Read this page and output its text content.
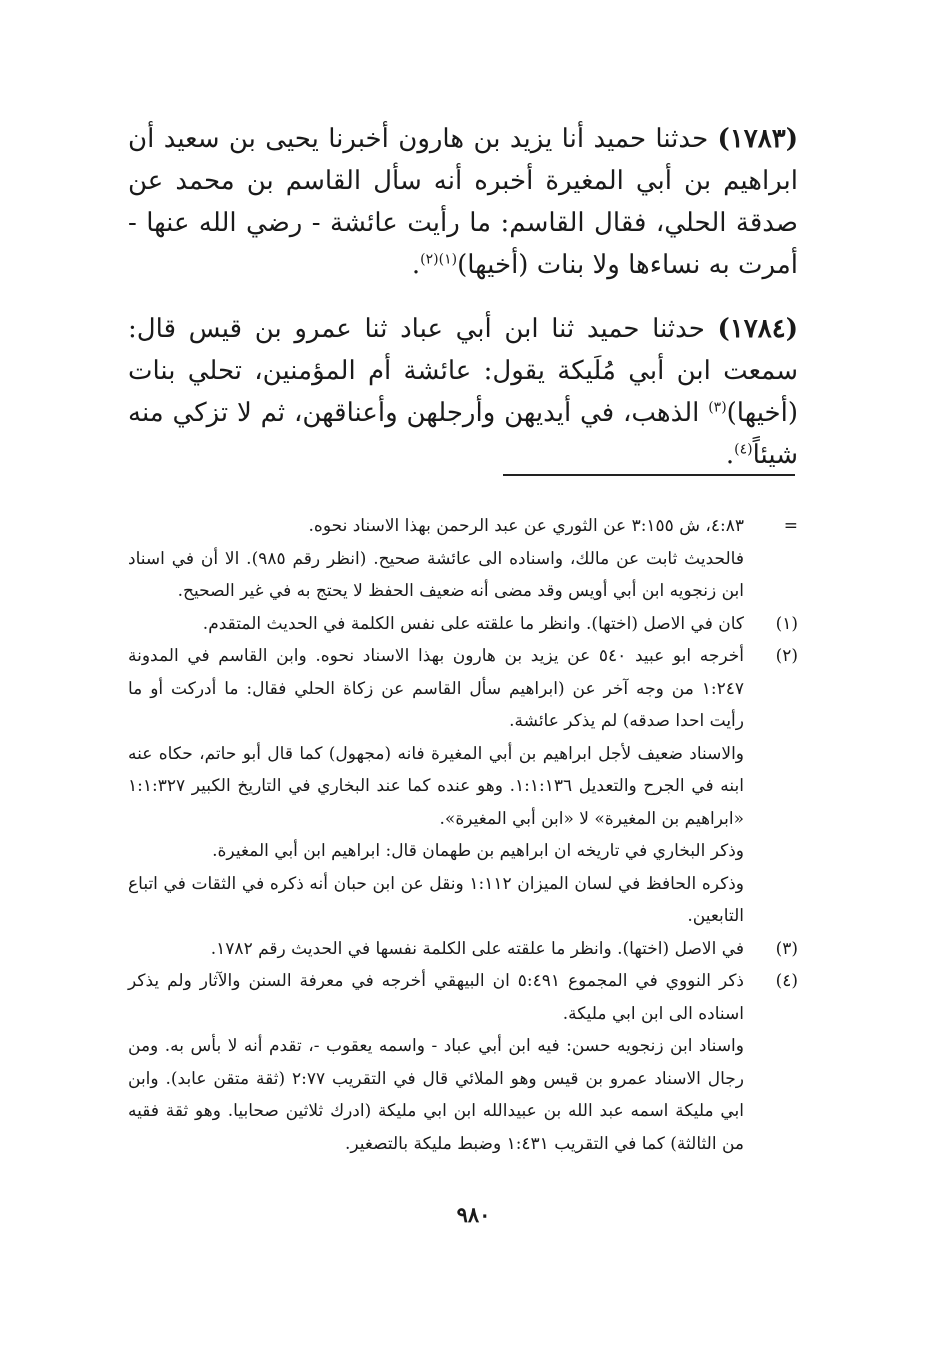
(١٧٨٣) حدثنا حميد أنا يزيد بن هارون أخبرنا يحيى بن سعيد أن ابراهيم بن أبي المغيرة أخبره أنه سأل القاسم بن محمد عن صدقة الحلي، فقال القاسم: ما رأيت عائشة - رضي الله عنها - أمرت به نساءها ولا بنات (أخيها)$^{(١)(٢)}$.

(١٧٨٤) حدثنا حميد ثنا ابن أبي عباد ثنا عمرو بن قيس قال: سمعت ابن أبي مُلَيكة يقول: عائشة أم المؤمنين، تحلي بنات (أخيها)$^{(٣)}$ الذهب، في أيديهن وأرجلهن وأعناقهن، ثم لا تزكي منه شيئاً$^{(٤)}$.

=

٤:٨٣، ش ٣:١٥٥ عن الثوري عن عبد الرحمن بهذا الاسناد نحوه.

فالحديث ثابت عن مالك، واسناده الى عائشة صحيح. (انظر رقم ٩٨٥). الا أن في اسناد ابن زنجويه ابن أبي أويس وقد مضى أنه ضعيف الحفظ لا يحتج به في غير الصحيح.

(١)

كان في الاصل (اختها). وانظر ما علقته على نفس الكلمة في الحديث المتقدم.

(٢)

أخرجه ابو عبيد ٥٤٠ عن يزيد بن هارون بهذا الاسناد نحوه. وابن القاسم في المدونة ١:٢٤٧ من وجه آخر عن (ابراهيم سأل القاسم عن زكاة الحلي فقال: ما أدركت أو ما رأيت احدا صدقه) لم يذكر عائشة.

والاسناد ضعيف لأجل ابراهيم بن أبي المغيرة فانه (مجهول) كما قال أبو حاتم، حكاه عنه ابنه في الجرح والتعديل ١:١:١٣٦. وهو عنده كما عند البخاري في التاريخ الكبير ١:١:٣٢٧ «ابراهيم بن المغيرة» لا «ابن أبي المغيرة».

وذكر البخاري في تاريخه ان ابراهيم بن طهمان قال: ابراهيم ابن أبي المغيرة.

وذكره الحافظ في لسان الميزان ١:١١٢ ونقل عن ابن حبان أنه ذكره في الثقات في اتباع التابعين.

(٣)

في الاصل (اختها). وانظر ما علقته على الكلمة نفسها في الحديث رقم ١٧٨٢.

(٤)

ذكر النووي في المجموع ٥:٤٩١ ان البيهقي أخرجه في معرفة السنن والآثار ولم يذكر اسناده الى ابن ابي مليكة.

واسناد ابن زنجويه حسن: فيه ابن أبي عباد - واسمه يعقوب -، تقدم أنه لا بأس به. ومن رجال الاسناد عمرو بن قيس وهو الملائي قال في التقريب ٢:٧٧ (ثقة متقن عابد). وابن ابي مليكة اسمه عبد الله بن عبيدالله ابن ابي مليكة (ادرك ثلاثين صحابيا. وهو ثقة فقيه من الثالثة) كما في التقريب ١:٤٣١ وضبط مليكة بالتصغير.

٩٨٠
